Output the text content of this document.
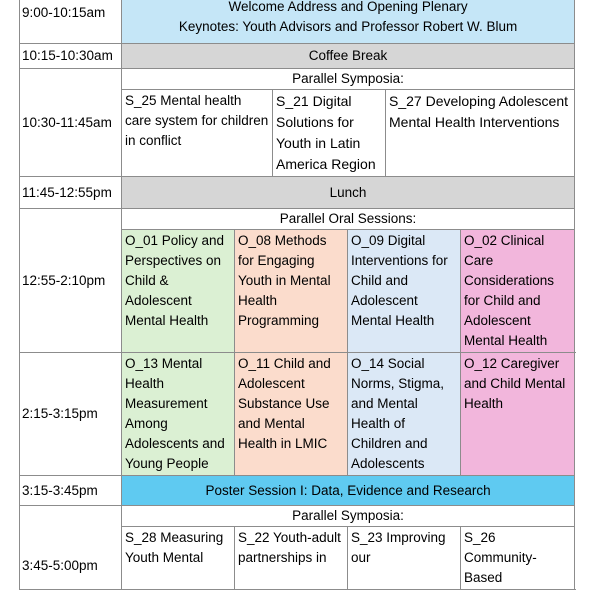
9:00-10:15am	Welcome Address and Opening Plenary
Keynotes: Youth Advisors and Professor Robert W. Blum						

10:15-10:30am	Coffee Break						

10:30-11:45am	Parallel Symposia:						

	S_25 Mental health care system for children in conflict		S_21 Digital Solutions for Youth in Latin America Region		S_27 Developing Adolescent Mental Health Interventions		

11:45-12:55pm	Lunch						

12:55-2:10pm	Parallel Oral Sessions:						

	O_01 Policy and Perspectives on Child & Adolescent Mental Health	O_08 Methods for Engaging Youth in Mental Health Programming		O_09 Digital Interventions for Child and Adolescent Mental Health		O_02 Clinical Care Considerations for Child and Adolescent Mental Health	

2:15-3:15pm	O_13 Mental Health Measurement Among Adolescents and Young People	O_11 Child and Adolescent Substance Use and Mental Health in LMIC		O_14 Social Norms, Stigma, and Mental Health of Children and Adolescents		O_12 Caregiver and Child Mental Health	

3:15-3:45pm	Poster Session I: Data, Evidence and Research						

3:45-5:00pm	Parallel Symposia:						

	S_28 Measuring Youth Mental	S_22 Youth-adult partnerships in		S_23 Improving our		S_26 Community-Based	
